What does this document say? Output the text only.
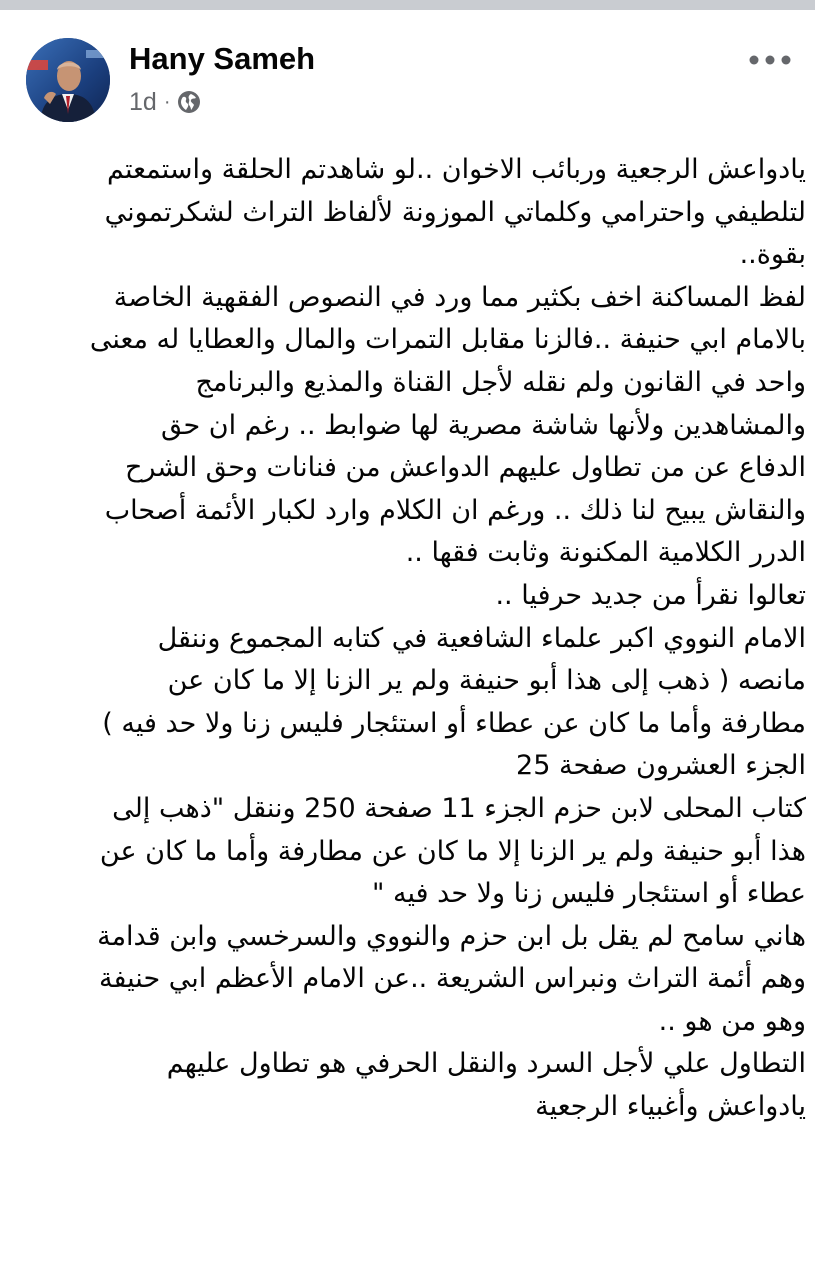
Hany Sameh
1d ·
يادواعش الرجعية وربائب الاخوان ..لو شاهدتم الحلقة واستمعتم
لتلطيفي واحترامي وكلماتي الموزونة لألفاظ التراث لشكرتموني
بقوة..
لفظ المساكنة اخف بكثير مما ورد في النصوص الفقهية الخاصة
بالامام ابي حنيفة ..فالزنا مقابل التمرات والمال والعطايا له معنى
واحد في القانون ولم نقله لأجل القناة والمذيع والبرنامج
والمشاهدين ولأنها شاشة مصرية لها ضوابط .. رغم ان حق
الدفاع عن من تطاول عليهم الدواعش من فنانات وحق الشرح
والنقاش يبيح لنا ذلك .. ورغم ان الكلام وارد لكبار الأئمة أصحاب
الدرر الكلامية المكنونة وثابت فقها ..
تعالوا نقرأ من جديد حرفيا ..
الامام النووي اكبر علماء الشافعية في كتابه المجموع وننقل
مانصه ( ذهب إلى هذا أبو حنيفة ولم ير الزنا إلا ما كان عن
مطارفة وأما ما كان عن عطاء أو استئجار فليس زنا ولا حد فيه )
الجزء العشرون صفحة 25
كتاب المحلى لابن حزم الجزء 11 صفحة 250 وننقل "ذهب إلى
هذا أبو حنيفة ولم ير الزنا إلا ما كان عن مطارفة وأما ما كان عن
عطاء أو استئجار فليس زنا ولا حد فيه "
هاني سامح لم يقل بل ابن حزم والنووي والسرخسي وابن قدامة
وهم أئمة التراث ونبراس الشريعة ..عن الامام الأعظم ابي حنيفة
وهو من هو ..
التطاول علي لأجل السرد والنقل الحرفي هو تطاول عليهم
يادواعش وأغبياء الرجعية
